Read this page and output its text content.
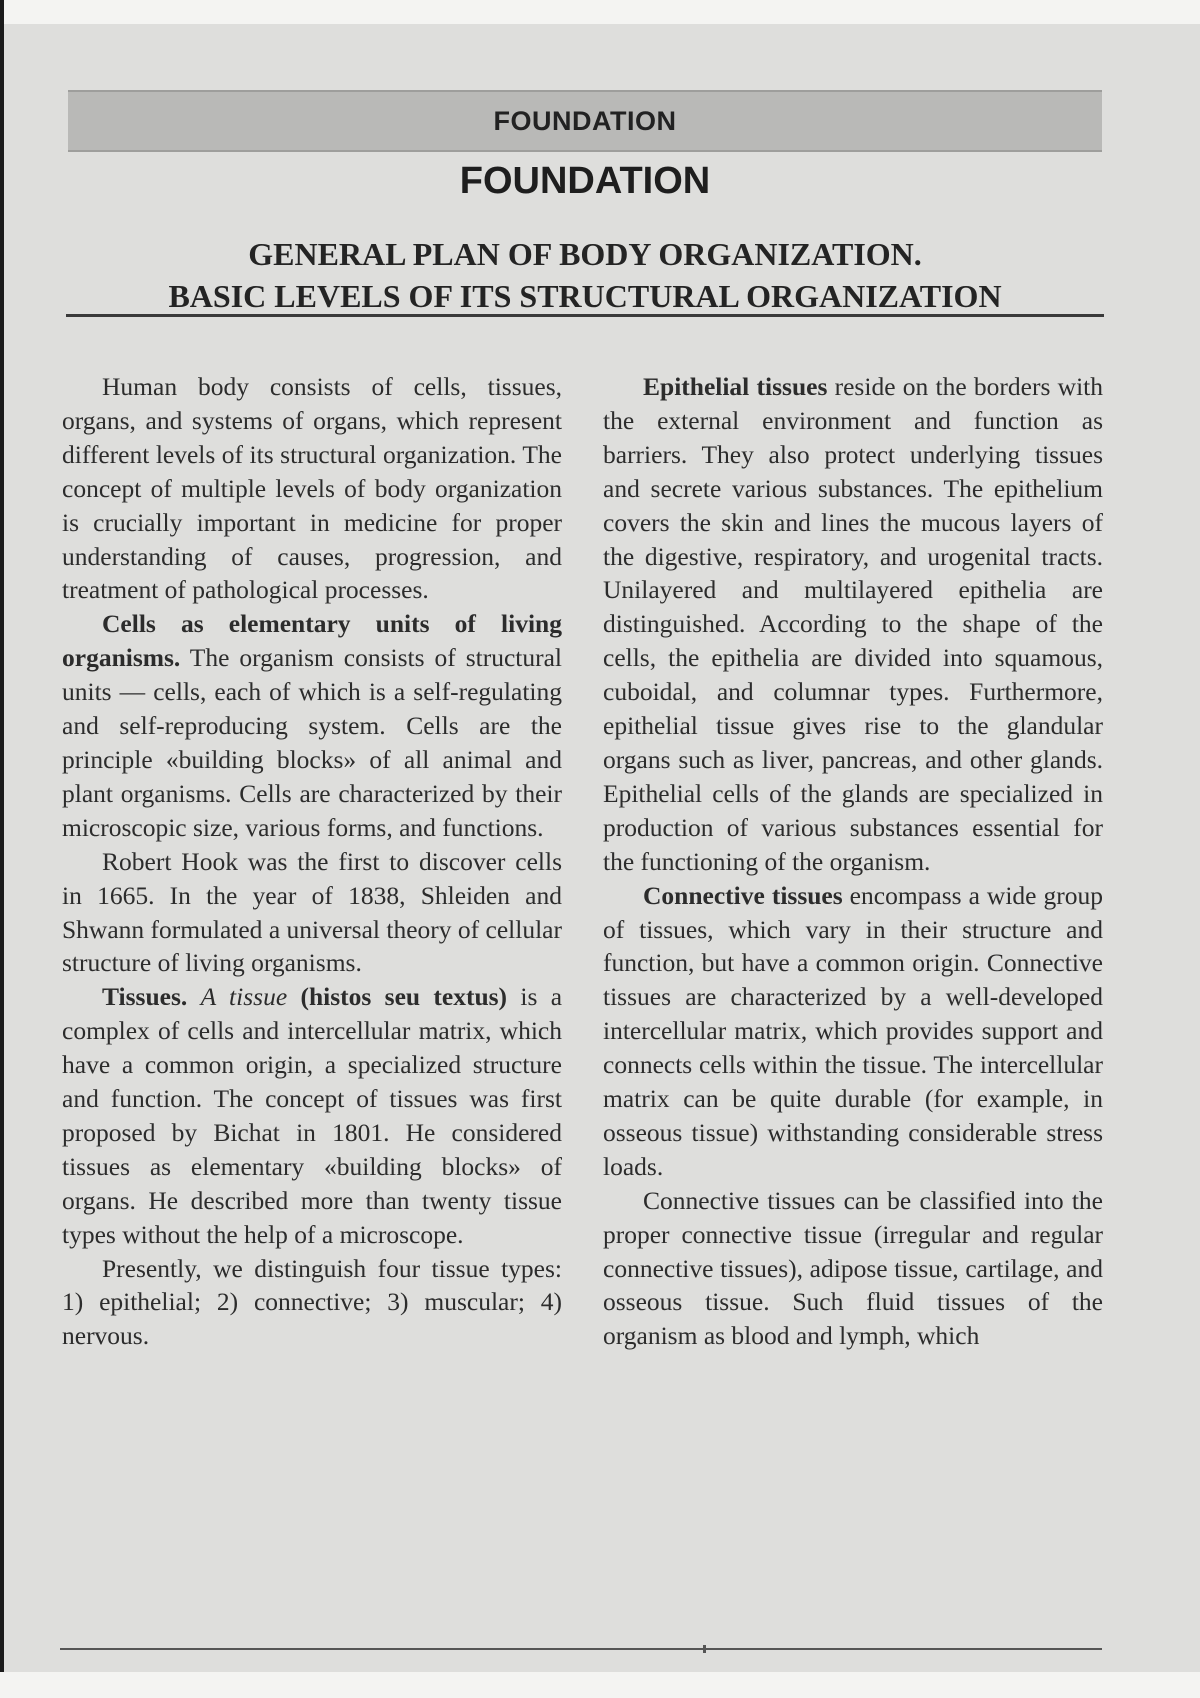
FOUNDATION
FOUNDATION
GENERAL PLAN OF BODY ORGANIZATION.
BASIC LEVELS OF ITS STRUCTURAL ORGANIZATION

Human body consists of cells, tissues, organs, and systems of organs, which represent different levels of its structural organization. The concept of multiple levels of body organization is crucially important in medicine for proper understanding of causes, progression, and treatment of pathological processes.

Cells as elementary units of living organisms. The organism consists of structural units — cells, each of which is a self-regulating and self-reproducing system. Cells are the principle «building blocks» of all animal and plant organisms. Cells are characterized by their microscopic size, various forms, and functions.

Robert Hook was the first to discover cells in 1665. In the year of 1838, Shleiden and Shwann formulated a universal theory of cellular structure of living organisms.

Tissues. A tissue (histos seu textus) is a complex of cells and intercellular matrix, which have a common origin, a specialized structure and function. The concept of tissues was first proposed by Bichat in 1801. He considered tissues as elementary «building blocks» of organs. He described more than twenty tissue types without the help of a microscope.

Presently, we distinguish four tissue types: 1) epithelial; 2) connective; 3) muscular; 4) nervous.

Epithelial tissues reside on the borders with the external environment and function as barriers. They also protect underlying tissues and secrete various substances. The epithelium covers the skin and lines the mucous layers of the digestive, respiratory, and urogenital tracts. Unilayered and multilayered epithelia are distinguished. According to the shape of the cells, the epithelia are divided into squamous, cuboidal, and columnar types. Furthermore, epithelial tissue gives rise to the glandular organs such as liver, pancreas, and other glands. Epithelial cells of the glands are specialized in production of various substances essential for the functioning of the organism.

Connective tissues encompass a wide group of tissues, which vary in their structure and function, but have a common origin. Connective tissues are characterized by a well-developed intercellular matrix, which provides support and connects cells within the tissue. The intercellular matrix can be quite durable (for example, in osseous tissue) withstanding considerable stress loads.

Connective tissues can be classified into the proper connective tissue (irregular and regular connective tissues), adipose tissue, cartilage, and osseous tissue. Such fluid tissues of the organism as blood and lymph, which
